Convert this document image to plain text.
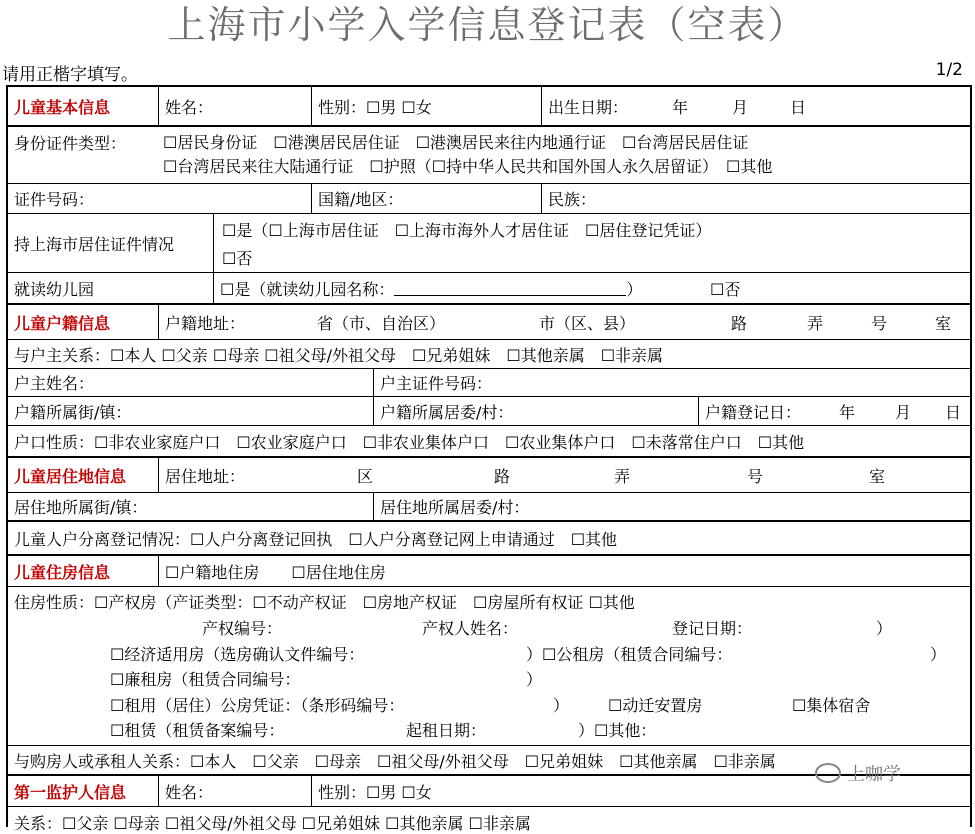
上海市小学入学信息登记表（空表）
请用正楷字填写。	1/2
儿童基本信息	姓名：	性别：☐男 ☐女	出生日期：	年	月	日
身份证件类型： ☐居民身份证　☐港澳居民居住证　☐港澳居民来往内地通行证　☐台湾居民居住证
☐台湾居民来往大陆通行证　☐护照（☐持中华人民共和国外国人永久居留证）　☐其他
证件号码：	国籍/地区：	民族：
持上海市居住证件情况
☐是（☐上海市居住证　☐上海市海外人才居住证　☐居住登记凭证）
☐否
就读幼儿园	☐是（就读幼儿园名称：	）	☐否
儿童户籍信息	户籍地址：	省（市、自治区）	市（区、县）	路	弄	号	室
与户主关系：☐本人 ☐父亲 ☐母亲 ☐祖父母/外祖父母　☐兄弟姐妹　☐其他亲属　☐非亲属
户主姓名：	户主证件号码：
户籍所属街/镇：	户籍所属居委/村：	户籍登记日： 年 月 日
户口性质：☐非农业家庭户口　☐农业家庭户口　☐非农业集体户口　☐农业集体户口　☐未落常住户口　☐其他
儿童居住地信息 居住地址：	区	路	弄	号	室
居住地所属街/镇：	居住地所属居委/村：
儿童人户分离登记情况：☐人户分离登记回执　☐人户分离登记网上申请通过　☐其他
儿童住房信息	☐户籍地住房　　☐居住地住房
住房性质：☐产权房（产证类型：☐不动产权证　☐房地产权证　☐房屋所有权证 ☐其他
产权编号：	产权人姓名：	登记日期：	）
☐经济适用房（选房确认文件编号：	）☐公租房（租赁合同编号：	）
☐廉租房（租赁合同编号：	）
☐租用（居住）公房凭证：（条形码编号：	） ☐动迁安置房	☐集体宿舍
☐租赁（租赁备案编号：	起租日期：	）☐其他：
与购房人或承租人关系：☐本人　☐父亲　☐母亲　☐祖父母/外祖父母　☐兄弟姐妹　☐其他亲属　☐非亲属
第一监护人信息 姓名：	性别：☐男 ☐女
关系：☐父亲 ☐母亲 ☐祖父母/外祖父母 ☐兄弟姐妹 ☐其他亲属 ☐非亲属
上咖学
